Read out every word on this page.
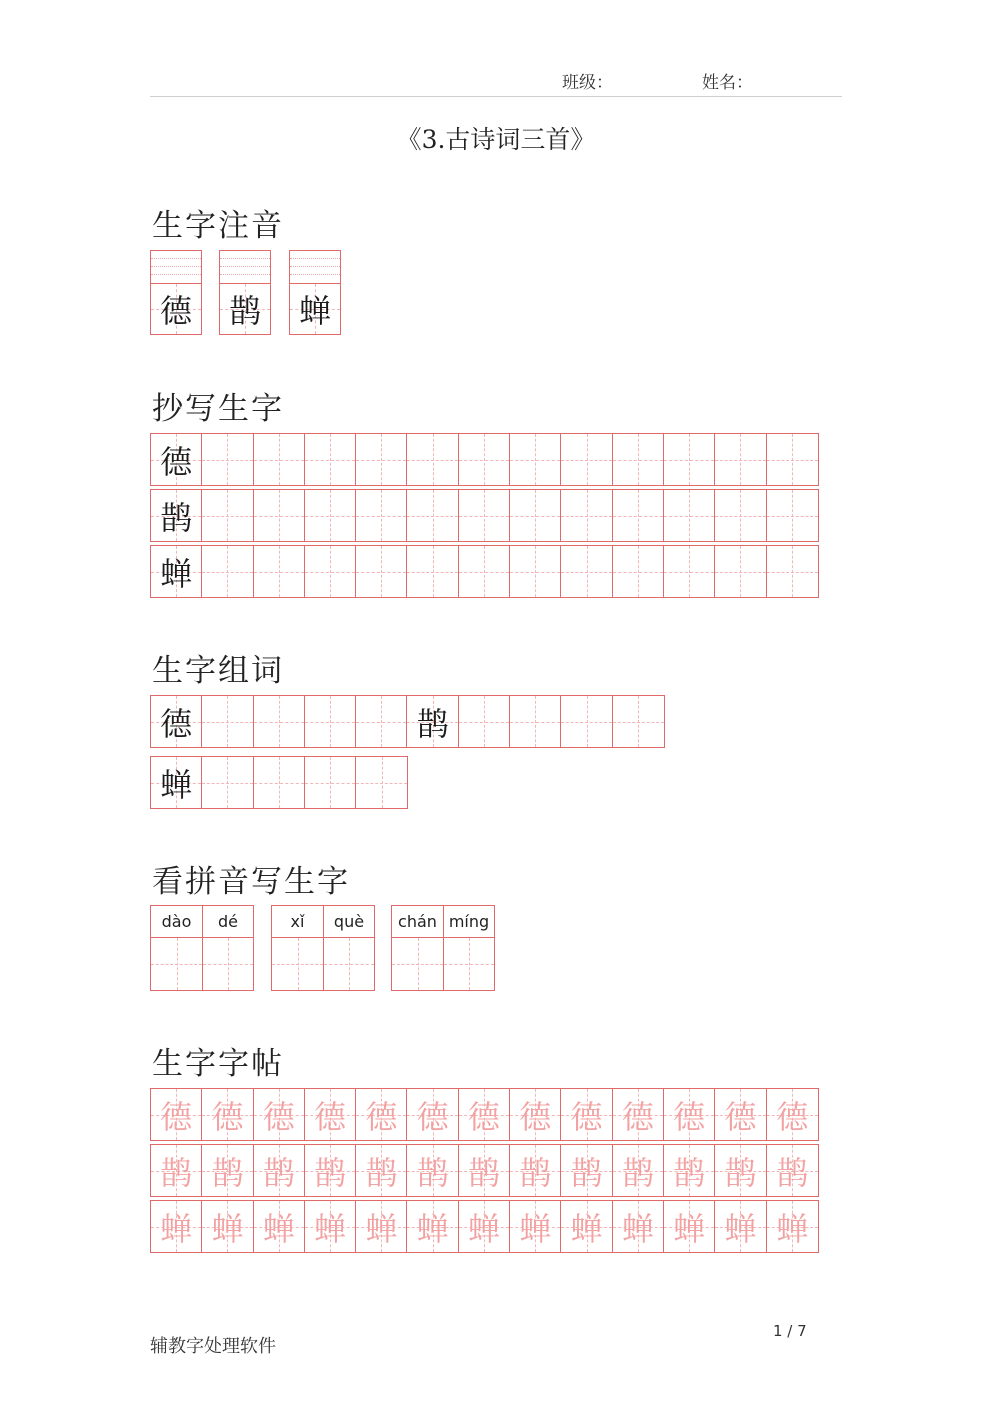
班级：	姓名：
《3.古诗词三首》
生字注音
德 鹊 蝉
抄写生字
德
鹊
蝉
生字组词
德	鹊
蝉
看拼音写生字
dào	dé	xǐ	què	chán míng
生字字帖
德 德 德 德 德 德 德 德 德 德 德 德 德
鹊 鹊 鹊 鹊 鹊 鹊 鹊 鹊 鹊 鹊 鹊 鹊 鹊
蝉 蝉 蝉 蝉 蝉 蝉 蝉 蝉 蝉 蝉 蝉 蝉 蝉
辅教字处理软件
1 / 7
